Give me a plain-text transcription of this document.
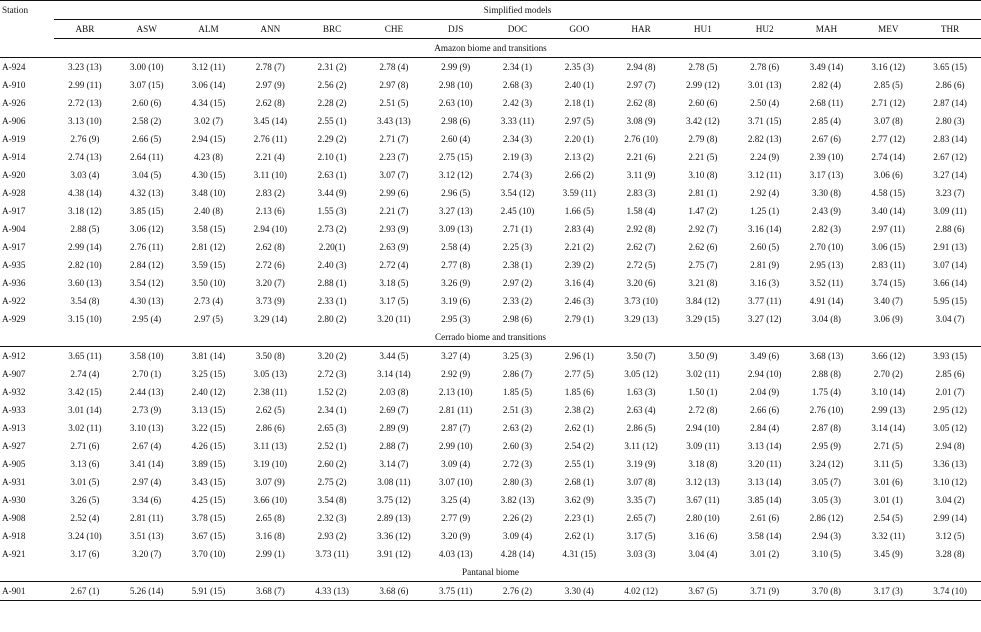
Station	Simplified models														
	ABR	ASW	ALM	ANN	BRC	CHE	DJS	DOC	GOO	HAR	HU1	HU2	MAH	MEV	THR
Amazon biome and transitions															
A-924	3.23 (13)	3.00 (10)	3.12 (11)	2.78 (7)	2.31 (2)	2.78 (4)	2.99 (9)	2.34 (1)	2.35 (3)	2.94 (8)	2.78 (5)	2.78 (6)	3.49 (14)	3.16 (12)	3.65 (15)
A-910	2.99 (11)	3.07 (15)	3.06 (14)	2.97 (9)	2.56 (2)	2.97 (8)	2.98 (10)	2.68 (3)	2.40 (1)	2.97 (7)	2.99 (12)	3.01 (13)	2.82 (4)	2.85 (5)	2.86 (6)
A-926	2.72 (13)	2.60 (6)	4.34 (15)	2.62 (8)	2.28 (2)	2.51 (5)	2.63 (10)	2.42 (3)	2.18 (1)	2.62 (8)	2.60 (6)	2.50 (4)	2.68 (11)	2.71 (12)	2.87 (14)
A-906	3.13 (10)	2.58 (2)	3.02 (7)	3.45 (14)	2.55 (1)	3.43 (13)	2.98 (6)	3.33 (11)	2.97 (5)	3.08 (9)	3.42 (12)	3.71 (15)	2.85 (4)	3.07 (8)	2.80 (3)
A-919	2.76 (9)	2.66 (5)	2.94 (15)	2.76 (11)	2.29 (2)	2.71 (7)	2.60 (4)	2.34 (3)	2.20 (1)	2.76 (10)	2.79 (8)	2.82 (13)	2.67 (6)	2.77 (12)	2.83 (14)
A-914	2.74 (13)	2.64 (11)	4.23 (8)	2.21 (4)	2.10 (1)	2.23 (7)	2.75 (15)	2.19 (3)	2.13 (2)	2.21 (6)	2.21 (5)	2.24 (9)	2.39 (10)	2.74 (14)	2.67 (12)
A-920	3.03 (4)	3.04 (5)	4.30 (15)	3.11 (10)	2.63 (1)	3.07 (7)	3.12 (12)	2.74 (3)	2.66 (2)	3.11 (9)	3.10 (8)	3.12 (11)	3.17 (13)	3.06 (6)	3.27 (14)
A-928	4.38 (14)	4.32 (13)	3.48 (10)	2.83 (2)	3.44 (9)	2.99 (6)	2.96 (5)	3.54 (12)	3.59 (11)	2.83 (3)	2.81 (1)	2.92 (4)	3.30 (8)	4.58 (15)	3.23 (7)
A-917	3.18 (12)	3.85 (15)	2.40 (8)	2.13 (6)	1.55 (3)	2.21 (7)	3.27 (13)	2.45 (10)	1.66 (5)	1.58 (4)	1.47 (2)	1.25 (1)	2.43 (9)	3.40 (14)	3.09 (11)
A-904	2.88 (5)	3.06 (12)	3.58 (15)	2.94 (10)	2.73 (2)	2.93 (9)	3.09 (13)	2.71 (1)	2.83 (4)	2.92 (8)	2.92 (7)	3.16 (14)	2.82 (3)	2.97 (11)	2.88 (6)
A-917	2.99 (14)	2.76 (11)	2.81 (12)	2.62 (8)	2.20(1)	2.63 (9)	2.58 (4)	2.25 (3)	2.21 (2)	2.62 (7)	2.62 (6)	2.60 (5)	2.70 (10)	3.06 (15)	2.91 (13)
A-935	2.82 (10)	2.84 (12)	3.59 (15)	2.72 (6)	2.40 (3)	2.72 (4)	2.77 (8)	2.38 (1)	2.39 (2)	2.72 (5)	2.75 (7)	2.81 (9)	2.95 (13)	2.83 (11)	3.07 (14)
A-936	3.60 (13)	3.54 (12)	3.50 (10)	3.20 (7)	2.88 (1)	3.18 (5)	3.26 (9)	2.97 (2)	3.16 (4)	3.20 (6)	3.21 (8)	3.16 (3)	3.52 (11)	3.74 (15)	3.66 (14)
A-922	3.54 (8)	4.30 (13)	2.73 (4)	3.73 (9)	2.33 (1)	3.17 (5)	3.19 (6)	2.33 (2)	2.46 (3)	3.73 (10)	3.84 (12)	3.77 (11)	4.91 (14)	3.40 (7)	5.95 (15)
A-929	3.15 (10)	2.95 (4)	2.97 (5)	3.29 (14)	2.80 (2)	3.20 (11)	2.95 (3)	2.98 (6)	2.79 (1)	3.29 (13)	3.29 (15)	3.27 (12)	3.04 (8)	3.06 (9)	3.04 (7)
Cerrado biome and transitions															
A-912	3.65 (11)	3.58 (10)	3.81 (14)	3.50 (8)	3.20 (2)	3.44 (5)	3.27 (4)	3.25 (3)	2.96 (1)	3.50 (7)	3.50 (9)	3.49 (6)	3.68 (13)	3.66 (12)	3.93 (15)
A-907	2.74 (4)	2.70 (1)	3.25 (15)	3.05 (13)	2.72 (3)	3.14 (14)	2.92 (9)	2.86 (7)	2.77 (5)	3.05 (12)	3.02 (11)	2.94 (10)	2.88 (8)	2.70 (2)	2.85 (6)
A-932	3.42 (15)	2.44 (13)	2.40 (12)	2.38 (11)	1.52 (2)	2.03 (8)	2.13 (10)	1.85 (5)	1.85 (6)	1.63 (3)	1.50 (1)	2.04 (9)	1.75 (4)	3.10 (14)	2.01 (7)
A-933	3.01 (14)	2.73 (9)	3.13 (15)	2.62 (5)	2.34 (1)	2.69 (7)	2.81 (11)	2.51 (3)	2.38 (2)	2.63 (4)	2.72 (8)	2.66 (6)	2.76 (10)	2.99 (13)	2.95 (12)
A-913	3.02 (11)	3.10 (13)	3.22 (15)	2.86 (6)	2.65 (3)	2.89 (9)	2.87 (7)	2.63 (2)	2.62 (1)	2.86 (5)	2.94 (10)	2.84 (4)	2.87 (8)	3.14 (14)	3.05 (12)
A-927	2.71 (6)	2.67 (4)	4.26 (15)	3.11 (13)	2.52 (1)	2.88 (7)	2.99 (10)	2.60 (3)	2.54 (2)	3.11 (12)	3.09 (11)	3.13 (14)	2.95 (9)	2.71 (5)	2.94 (8)
A-905	3.13 (6)	3.41 (14)	3.89 (15)	3.19 (10)	2.60 (2)	3.14 (7)	3.09 (4)	2.72 (3)	2.55 (1)	3.19 (9)	3.18 (8)	3.20 (11)	3.24 (12)	3.11 (5)	3.36 (13)
A-931	3.01 (5)	2.97 (4)	3.43 (15)	3.07 (9)	2.75 (2)	3.08 (11)	3.07 (10)	2.80 (3)	2.68 (1)	3.07 (8)	3.12 (13)	3.13 (14)	3.05 (7)	3.01 (6)	3.10 (12)
A-930	3.26 (5)	3.34 (6)	4.25 (15)	3.66 (10)	3.54 (8)	3.75 (12)	3.25 (4)	3.82 (13)	3.62 (9)	3.35 (7)	3.67 (11)	3.85 (14)	3.05 (3)	3.01 (1)	3.04 (2)
A-908	2.52 (4)	2.81 (11)	3.78 (15)	2.65 (8)	2.32 (3)	2.89 (13)	2.77 (9)	2.26 (2)	2.23 (1)	2.65 (7)	2.80 (10)	2.61 (6)	2.86 (12)	2.54 (5)	2.99 (14)
A-918	3.24 (10)	3.51 (13)	3.67 (15)	3.16 (8)	2.93 (2)	3.36 (12)	3.20 (9)	3.09 (4)	2.62 (1)	3.17 (5)	3.16 (6)	3.58 (14)	2.94 (3)	3.32 (11)	3.12 (5)
A-921	3.17 (6)	3.20 (7)	3.70 (10)	2.99 (1)	3.73 (11)	3.91 (12)	4.03 (13)	4.28 (14)	4.31 (15)	3.03 (3)	3.04 (4)	3.01 (2)	3.10 (5)	3.45 (9)	3.28 (8)
Pantanal biome															
A-901	2.67 (1)	5.26 (14)	5.91 (15)	3.68 (7)	4.33 (13)	3.68 (6)	3.75 (11)	2.76 (2)	3.30 (4)	4.02 (12)	3.67 (5)	3.71 (9)	3.70 (8)	3.17 (3)	3.74 (10)
